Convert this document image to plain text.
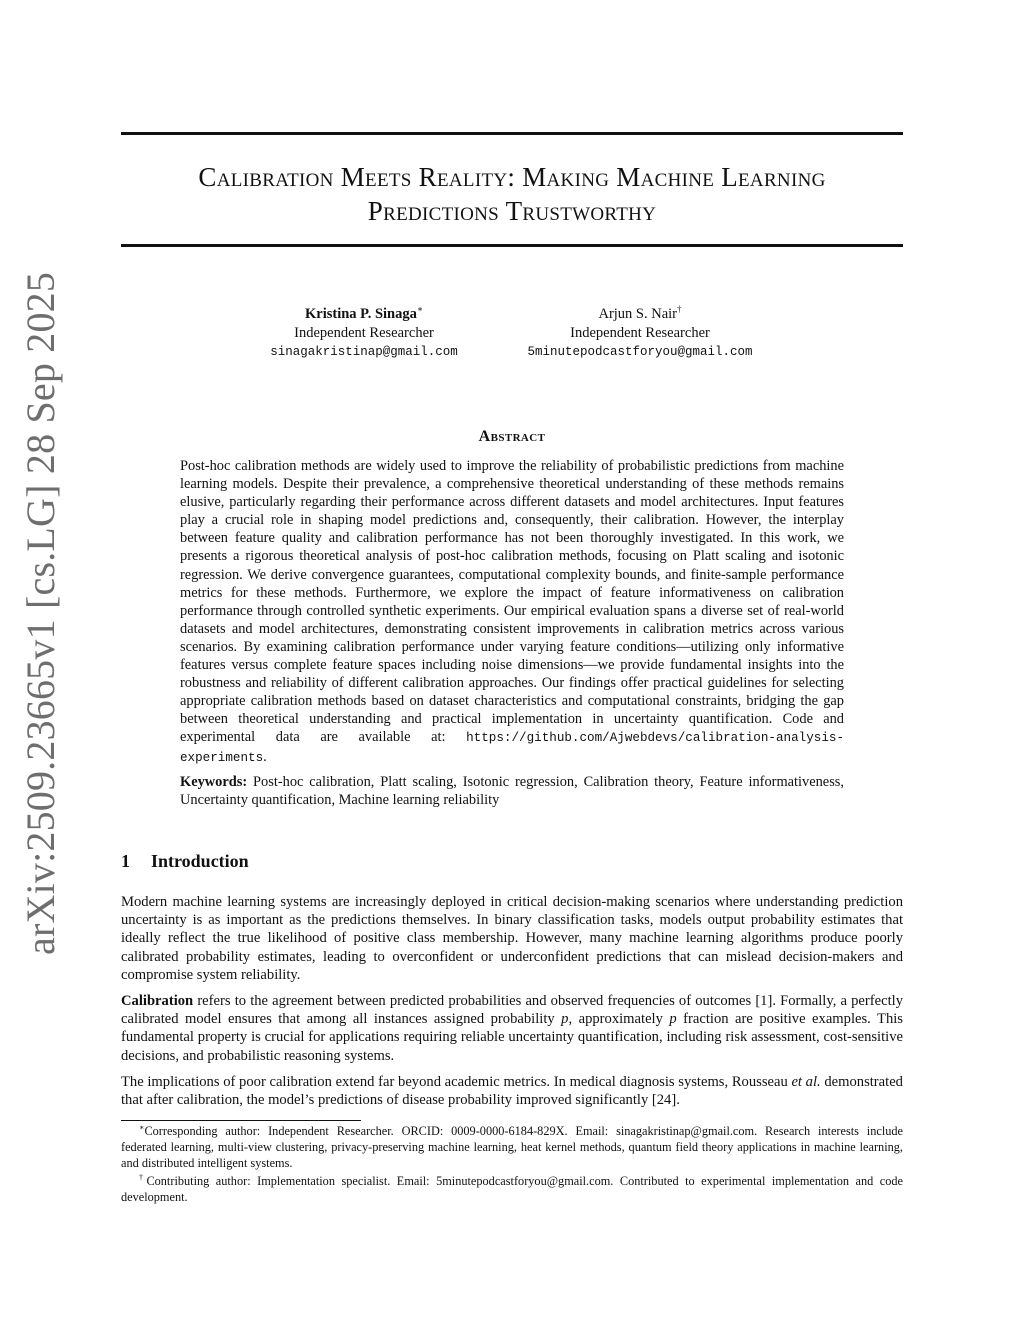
arXiv:2509.23665v1 [cs.LG] 28 Sep 2025
Calibration Meets Reality: Making Machine Learning
Predictions Trustworthy
Kristina P. Sinaga∗
Independent Researcher
sinagakristinap@gmail.com
Arjun S. Nair†
Independent Researcher
5minutepodcastforyou@gmail.com
Abstract

Post-hoc calibration methods are widely used to improve the reliability of probabilistic predictions from machine learning models. Despite their prevalence, a comprehensive theoretical understanding of these methods remains elusive, particularly regarding their performance across different datasets and model architectures. Input features play a crucial role in shaping model predictions and, consequently, their calibration. However, the interplay between feature quality and calibration performance has not been thoroughly investigated. In this work, we presents a rigorous theoretical analysis of post-hoc calibration methods, focusing on Platt scaling and isotonic regression. We derive convergence guarantees, computational complexity bounds, and finite-sample performance metrics for these methods. Furthermore, we explore the impact of feature informativeness on calibration performance through controlled synthetic experiments. Our empirical evaluation spans a diverse set of real-world datasets and model architectures, demonstrating consistent improvements in calibration metrics across various scenarios. By examining calibration performance under varying feature conditions—utilizing only informative features versus complete feature spaces including noise dimensions—we provide fundamental insights into the robustness and reliability of different calibration approaches. Our findings offer practical guidelines for selecting appropriate calibration methods based on dataset characteristics and computational constraints, bridging the gap between theoretical understanding and practical implementation in uncertainty quantification. Code and experimental data are available at: https://github.com/Ajwebdevs/calibration-analysis-experiments.

Keywords: Post-hoc calibration, Platt scaling, Isotonic regression, Calibration theory, Feature informativeness, Uncertainty quantification, Machine learning reliability

1 Introduction

Modern machine learning systems are increasingly deployed in critical decision-making scenarios where understanding prediction uncertainty is as important as the predictions themselves. In binary classification tasks, models output probability estimates that ideally reflect the true likelihood of positive class membership. However, many machine learning algorithms produce poorly calibrated probability estimates, leading to overconfident or underconfident predictions that can mislead decision-makers and compromise system reliability.

Calibration refers to the agreement between predicted probabilities and observed frequencies of outcomes [1]. Formally, a perfectly calibrated model ensures that among all instances assigned probability p, approximately p fraction are positive examples. This fundamental property is crucial for applications requiring reliable uncertainty quantification, including risk assessment, cost-sensitive decisions, and probabilistic reasoning systems.

The implications of poor calibration extend far beyond academic metrics. In medical diagnosis systems, Rousseau et al. demonstrated that after calibration, the model’s predictions of disease probability improved significantly [24].

∗Corresponding author: Independent Researcher. ORCID: 0009-0000-6184-829X. Email: sinagakristinap@gmail.com. Research interests include federated learning, multi-view clustering, privacy-preserving machine learning, heat kernel methods, quantum field theory applications in machine learning, and distributed intelligent systems.

†Contributing author: Implementation specialist. Email: 5minutepodcastforyou@gmail.com. Contributed to experimental implementation and code development.
